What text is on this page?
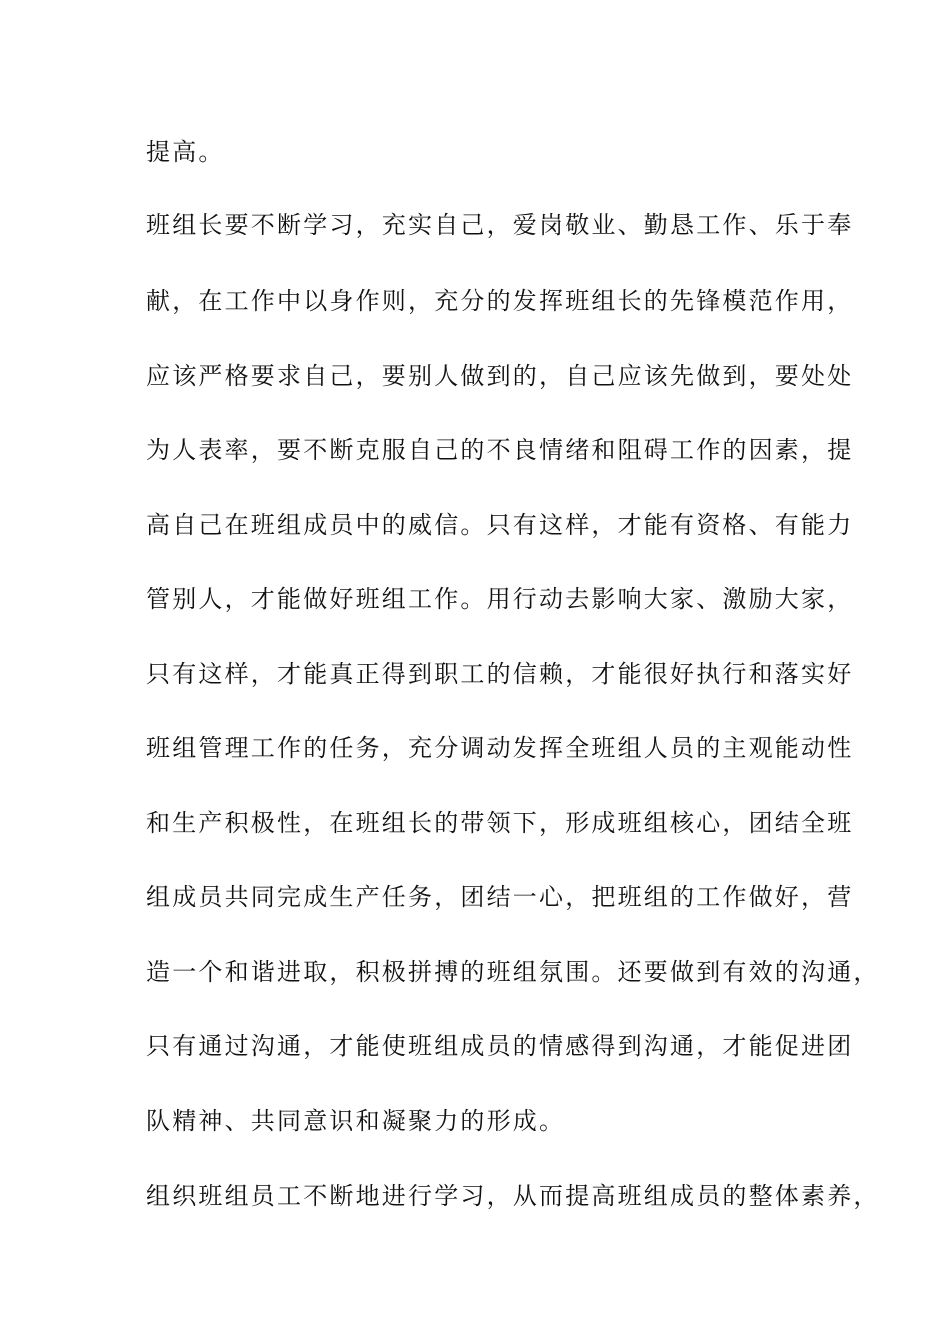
提高。

班组长要不断学习，充实自己，爱岗敬业、勤恳工作、乐于奉

献，在工作中以身作则，充分的发挥班组长的先锋模范作用，

应该严格要求自己，要别人做到的，自己应该先做到，要处处

为人表率，要不断克服自己的不良情绪和阻碍工作的因素，提

高自己在班组成员中的威信。只有这样，才能有资格、有能力

管别人，才能做好班组工作。用行动去影响大家、激励大家，

只有这样，才能真正得到职工的信赖，才能很好执行和落实好

班组管理工作的任务，充分调动发挥全班组人员的主观能动性

和生产积极性，在班组长的带领下，形成班组核心，团结全班

组成员共同完成生产任务，团结一心，把班组的工作做好，营

造一个和谐进取，积极拼搏的班组氛围。还要做到有效的沟通，

只有通过沟通，才能使班组成员的情感得到沟通，才能促进团

队精神、共同意识和凝聚力的形成。

组织班组员工不断地进行学习，从而提高班组成员的整体素养，
